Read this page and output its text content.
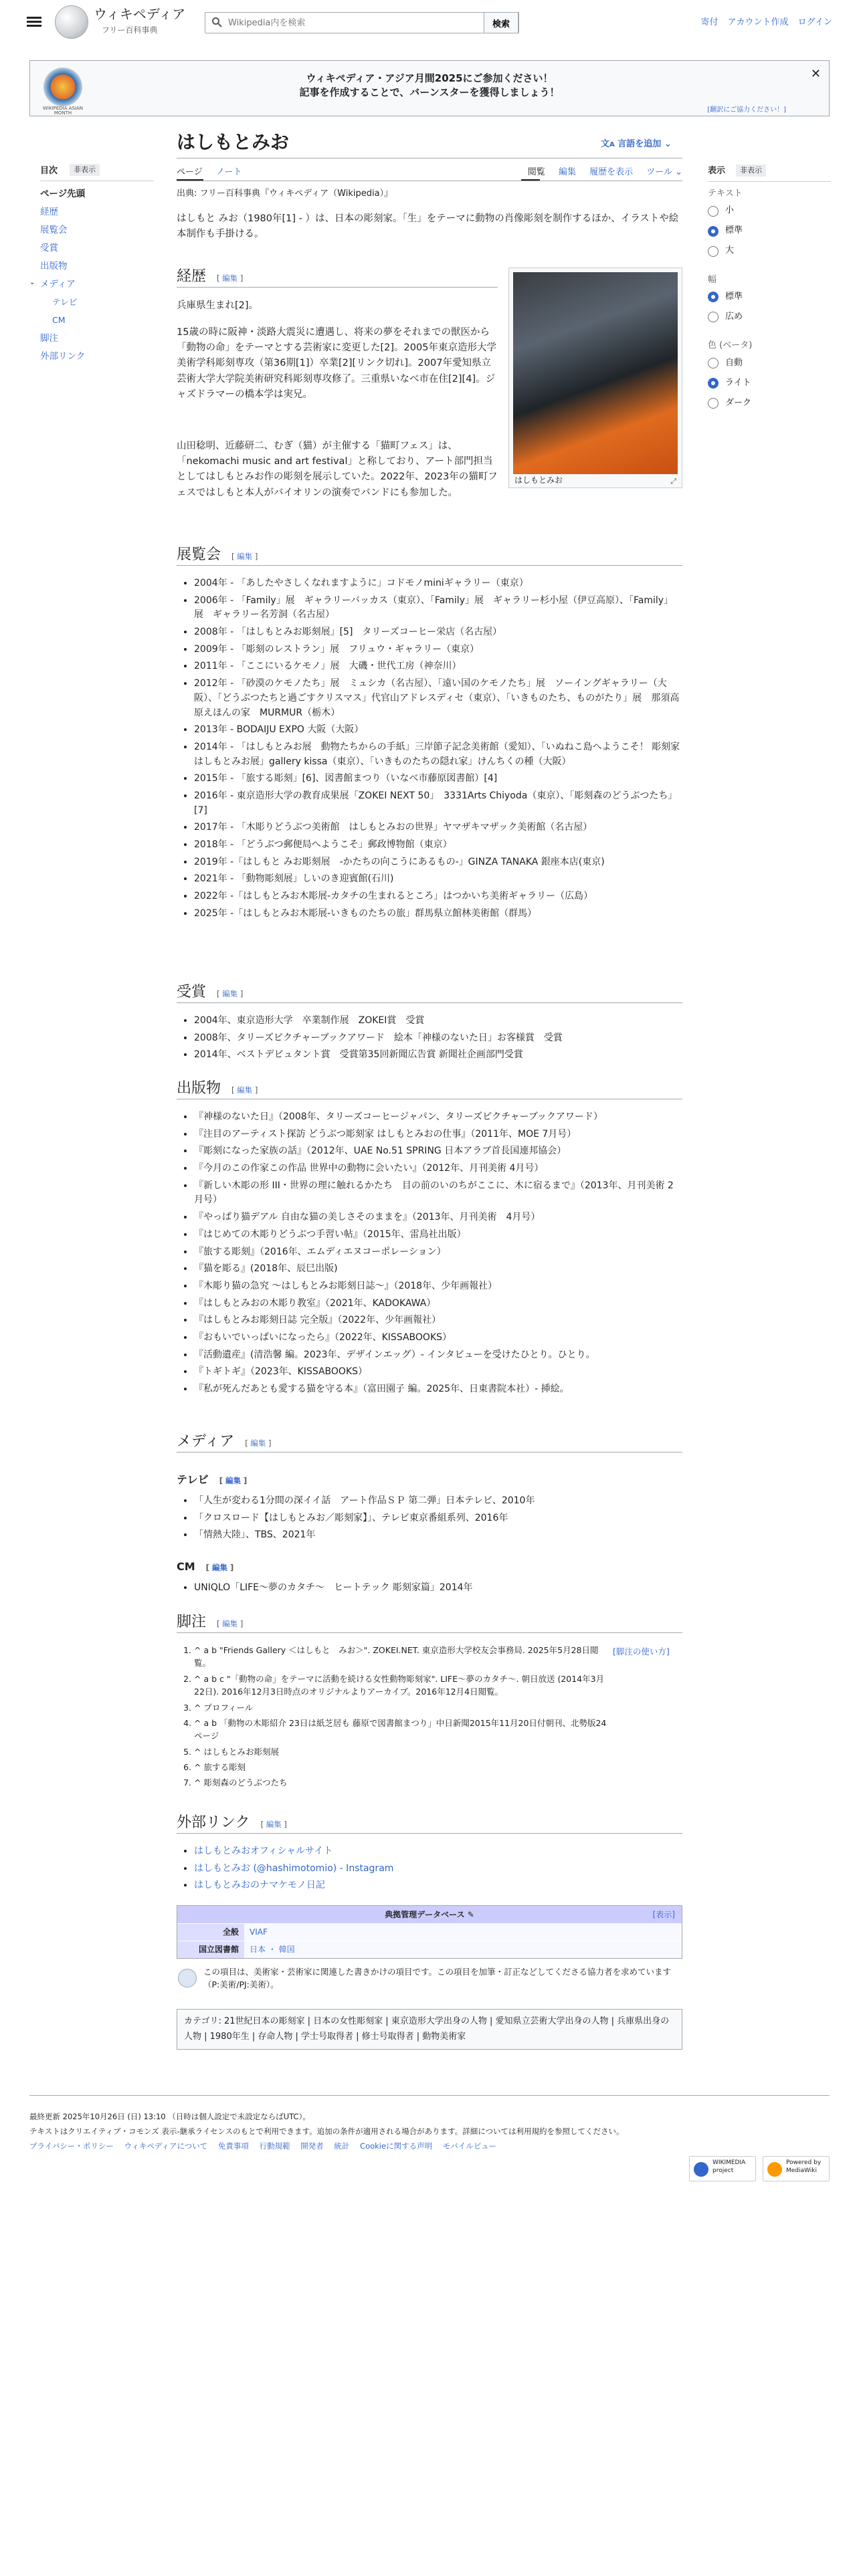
ウィキペディア
フリー百科事典
Wikipedia内を検索
検索	寄付 アカウント作成 ログイン
WIKIPEDIA ASIAN MONTH
ウィキペディア・アジア月間2025にご参加ください！
記事を作成することで、バーンスターを獲得しましょう！
✕
[翻訳にご協力ください！]
はしもとみお	文A 言語を追加 ⌄
目次	非表示
ページ先頭
経歴
展覧会
受賞
出版物
⌄ メディア
テレビ
CM
脚注
外部リンク
ページ ノート	閲覧 編集 履歴を表示 ツール ⌄
出典: フリー百科事典『ウィキペディア（Wikipedia）』
表示	非表示
テキスト
小
標準
大
幅
標準
広め
色 (ベータ)
自動
ライト
ダーク

はしもと みお（1980年[1] - ）は、日本の彫刻家。「生」をテーマに動物の肖像彫刻を制作するほか、イラストや絵本制作も手掛ける。

経歴 [ 編集 ]

兵庫県生まれ[2]。

15歳の時に阪神・淡路大震災に遭遇し、将来の夢をそれまでの獣医から「動物の命」をテーマとする芸術家に変更した[2]。2005年東京造形大学美術学科彫刻専攻（第36期[1]）卒業[2][リンク切れ]。2007年愛知県立芸術大学大学院美術研究科彫刻専攻修了。三重県いなべ市在住[2][4]。ジャズドラマーの橋本学は実兄。

山田稔明、近藤研二、むぎ（猫）が主催する「猫町フェス」は、「nekomachi music and art festival」と称しており、アート部門担当としてはしもとみお作の彫刻を展示していた。2022年、2023年の猫町フェスではしもと本人がバイオリンの演奏でバンドにも参加した。

はしもとみお	⤢
展覧会 [ 編集 ]
• 2004年 - 「あしたやさしくなれますように」コドモノminiギャラリー（東京）
• 2006年 - 「Family」展　ギャラリーバッカス（東京）、「Family」展　ギャラリー杉小屋（伊豆高原）、「Family」展　ギャラリー名芳洞（名古屋）
• 2008年 - 「はしもとみお彫刻展」[5]　タリーズコーヒー栄店（名古屋）
• 2009年 - 「彫刻のレストラン」展　フリュウ・ギャラリー（東京）
• 2011年 - 「ここにいるケモノ」展　大磯・世代工房（神奈川）
• 2012年 - 「砂漠のケモノたち」展　ミュシカ（名古屋）、「遠い国のケモノたち」展　ソーイングギャラリー（大阪）、「どうぶつたちと過ごすクリスマス」代官山アドレスディセ（東京）、「いきものたち、ものがたり」展　那須高原えほんの家　MURMUR（栃木）
• 2013年 - BODAIJU EXPO 大阪（大阪）
• 2014年 - 「はしもとみお展　動物たちからの手紙」三岸節子記念美術館（愛知）、「いぬねこ島へようこそ！ 彫刻家はしもとみお展」gallery kissa（東京）、「いきものたちの隠れ家」けんちくの種（大阪）
• 2015年 - 「旅する彫刻」[6]、図書館まつり（いなべ市藤原図書館）[4]
• 2016年 - 東京造形大学の教育成果展「ZOKEI NEXT 50」　3331Arts Chiyoda（東京）、「彫刻森のどうぶつたち」[7]
• 2017年 - 「木彫りどうぶつ美術館　はしもとみおの世界」ヤマザキマザック美術館（名古屋）
• 2018年 - 「どうぶつ郵便局へようこそ」郵政博物館（東京）
• 2019年 -「はしもと みお彫刻展　-かたちの向こうにあるもの-」GINZA TANAKA 銀座本店(東京)
• 2021年 - 「動物彫刻展」しいのき迎賓館(石川)
• 2022年 -「はしもとみお木彫展-カタチの生まれるところ」はつかいち美術ギャラリー（広島）
• 2025年 -「はしもとみお木彫展-いきものたちの旅」群馬県立館林美術館（群馬）
受賞 [ 編集 ]
• 2004年、東京造形大学　卒業制作展　ZOKEI賞　受賞
• 2008年、タリーズピクチャーブックアワード　絵本「神様のないた日」お客様賞　受賞
• 2014年、ベストデビュタント賞　受賞第35回新聞広告賞 新聞社企画部門受賞
出版物 [ 編集 ]
• 『神様のないた日』（2008年、タリーズコーヒージャパン、タリーズピクチャーブックアワード）
• 『注目のアーティスト探訪 どうぶつ彫刻家 はしもとみおの仕事』（2011年、MOE 7月号）
• 『彫刻になった家族の話』（2012年、UAE No.51 SPRING 日本アラブ首長国連邦協会）
• 『今月のこの作家この作品 世界中の動物に会いたい』（2012年、月刊美術 4月号）
• 『新しい木彫の形 III・世界の理に触れるかたち　目の前のいのちがここに、木に宿るまで』（2013年、月刊美術 2月号）
• 『やっぱり猫デアル 自由な猫の美しさそのままを』（2013年、月刊美術　4月号）
• 『はじめての木彫りどうぶつ手習い帖』（2015年、雷鳥社出版）
• 『旅する彫刻』（2016年、エムディエヌコーポレーション）
• 『猫を彫る』(2018年、辰巳出版)
• 『木彫り猫の急究 ～はしもとみお彫刻日誌～』（2018年、少年画報社）
• 『はしもとみおの木彫り教室』（2021年、KADOKAWA）
• 『はしもとみお彫刻日誌 完全版』（2022年、少年画報社）
• 『おもいでいっぱいになったら』（2022年、KISSABOOKS）
• 『活動遺産』(清浩馨 編。2023年、デザインエッグ）- インタビューを受けたひとり。ひとり。
• 『トギトギ』（2023年、KISSABOOKS）
• 『私が死んだあとも愛する猫を守る本』（富田園子 編。2025年、日東書院本社）- 挿絵。
メディア [ 編集 ]
テレビ [ 編集 ]
• 「人生が変わる1分間の深イイ話　アート作品ＳＰ 第二弾」日本テレビ、2010年
• 「クロスロード【はしもとみお／彫刻家】」、テレビ東京番組系列、2016年
• 「情熱大陸」、TBS、2021年
CM [ 編集 ]
• UNIQLO「LIFE～夢のカタチ～　ヒートテック 彫刻家篇」2014年
脚注 [ 編集 ]
[脚注の使い方]
1. ^ a b "Friends Gallery ＜はしもと　みお＞". ZOKEI.NET. 東京造形大学校友会事務局. 2025年5月28日閲覧。
2. ^ a b c "「動物の命」をテーマに活動を続ける女性動物彫刻家". LIFE～夢のカタチ～. 朝日放送 (2014年3月22日). 2016年12月3日時点のオリジナルよりアーカイブ。2016年12月4日閲覧。
3. ^ プロフィール
4. ^ a b 「動物の木彫紹介 23日は紙芝居も 藤原で図書館まつり」中日新聞2015年11月20日付朝刊、北勢版24ページ
5. ^ はしもとみお彫刻展
6. ^ 旅する彫刻
7. ^ 彫刻森のどうぶつたち
外部リンク [ 編集 ]
• はしもとみおオフィシャルサイト
• はしもとみお (@hashimotomio) - Instagram
• はしもとみおのナマケモノ日記
典拠管理データベース ✎	[表示]
全般	VIAF
国立図書館	日本 ・ 韓国
この項目は、美術家・芸術家に関連した書きかけの項目です。この項目を加筆・訂正などしてくださる協力者を求めています（P:美術/PJ:美術）。
カテゴリ: 21世紀日本の彫刻家 | 日本の女性彫刻家 | 東京造形大学出身の人物 | 愛知県立芸術大学出身の人物 | 兵庫県出身の人物 | 1980年生 | 存命人物 | 学士号取得者 | 修士号取得者 | 動物美術家
最終更新 2025年10月26日 (日) 13:10 （日時は個人設定で未設定ならばUTC）。
テキストはクリエイティブ・コモンズ 表示-継承ライセンスのもとで利用できます。追加の条件が適用される場合があります。詳細については利用規約を参照してください。
プライバシー・ポリシー ウィキペディアについて 免責事項 行動規範 開発者 統計 Cookieに関する声明 モバイルビュー
WIKIMEDIA project
Powered by MediaWiki
